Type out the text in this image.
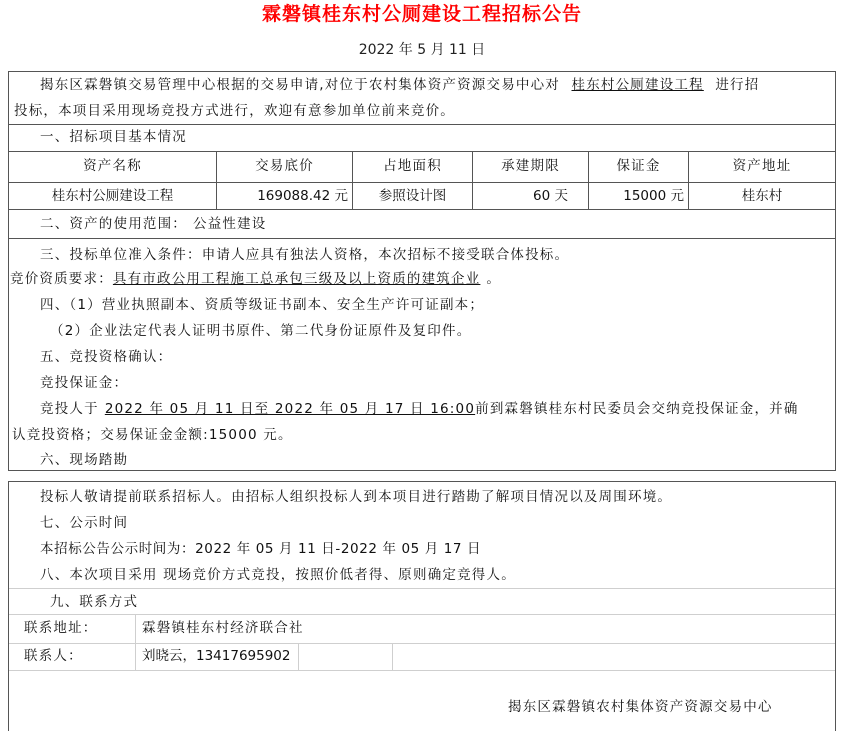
霖磐镇桂东村公厕建设工程招标公告
2022 年 5 月 11 日
揭东区霖磐镇交易管理中心根据的交易申请,对位于农村集体资产资源交易中心对 桂东村公厕建设工程 进行招
投标，本项目采用现场竞投方式进行，欢迎有意参加单位前来竞价。
一、招标项目基本情况
资产名称	交易底价	占地面积	承建期限	保证金	资产地址
桂东村公厕建设工程	169088.42 元	参照设计图	60 天	15000 元	桂东村
二、资产的使用范围： 公益性建设
三、投标单位准入条件：申请人应具有独法人资格，本次招标不接受联合体投标。
竞价资质要求：具有市政公用工程施工总承包三级及以上资质的建筑企业 。
四、（1）营业执照副本、资质等级证书副本、安全生产许可证副本；
（2）企业法定代表人证明书原件、第二代身份证原件及复印件。
五、竞投资格确认：
竞投保证金：
竞投人于 2022 年 05 月 11 日至 2022 年 05 月 17 日 16:00前到霖磐镇桂东村民委员会交纳竞投保证金，并确
认竞投资格；交易保证金金额:15000 元。
六、现场踏勘
投标人敬请提前联系招标人。由招标人组织投标人到本项目进行踏勘了解项目情况以及周围环境。
七、公示时间
本招标公告公示时间为：2022 年 05 月 11 日-2022 年 05 月 17 日
八、本次项目采用 现场竞价方式竞投，按照价低者得、原则确定竞得人。
九、联系方式
联系地址：	霖磐镇桂东村经济联合社
联系人：	刘晓云，13417695902
揭东区霖磐镇农村集体资产资源交易中心
